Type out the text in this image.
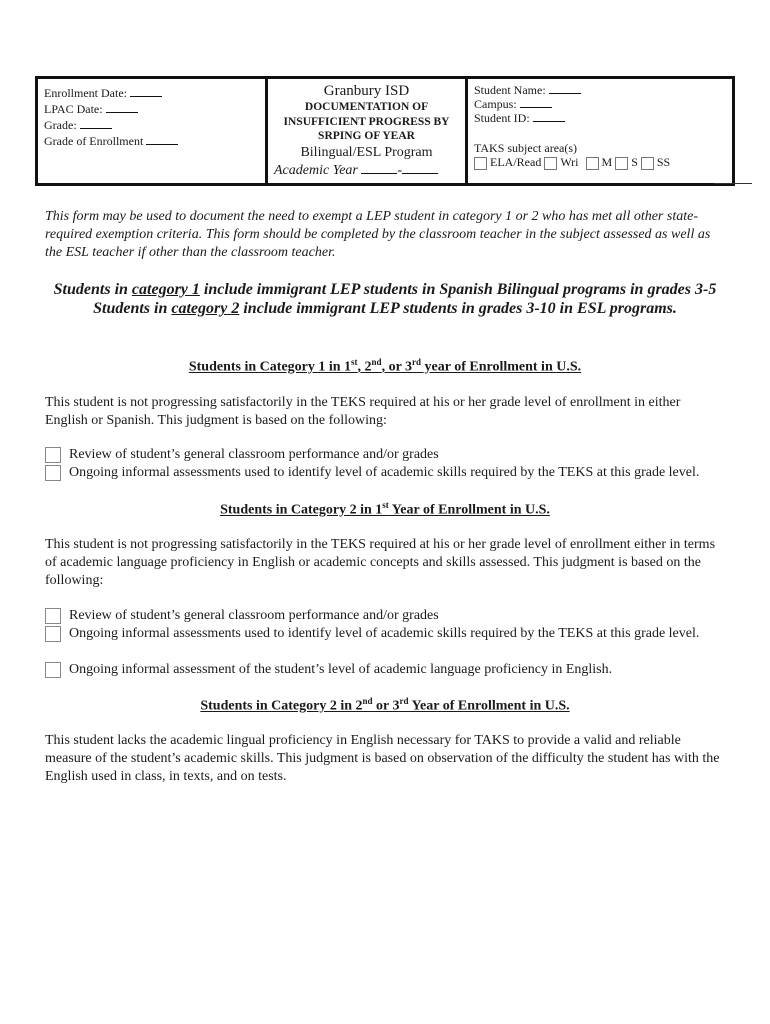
Enrollment Date:
LPAC Date:
Grade:
Grade of Enrollment
Granbury ISD
DOCUMENTATION OF INSUFFICIENT PROGRESS BY SRPING OF YEAR
Bilingual/ESL Program
Academic Year	-
Student Name:
Campus:
Student ID:
TAKS subject area(s)
ELA/Read Wri M S SS
This form may be used to document the need to exempt a LEP student in category 1 or 2 who has met all other state-required exemption criteria. This form should be completed by the classroom teacher in the subject assessed as well as the ESL teacher if other than the classroom teacher.
Students in category 1 include immigrant LEP students in Spanish Bilingual programs in grades 3-5
Students in category 2 include immigrant LEP students in grades 3-10 in ESL programs.
Students in Category 1 in 1st, 2nd, or 3rd year of Enrollment in U.S.
This student is not progressing satisfactorily in the TEKS required at his or her grade level of enrollment in either English or Spanish. This judgment is based on the following:
Review of student’s general classroom performance and/or grades
Ongoing informal assessments used to identify level of academic skills required by the TEKS at this grade level.
Students in Category 2 in 1st Year of Enrollment in U.S.
This student is not progressing satisfactorily in the TEKS required at his or her grade level of enrollment either in terms of academic language proficiency in English or academic concepts and skills assessed. This judgment is based on the following:
Review of student’s general classroom performance and/or grades
Ongoing informal assessments used to identify level of academic skills required by the TEKS at this grade level.
Ongoing informal assessment of the student’s level of academic language proficiency in English.
Students in Category 2 in 2nd or 3rd Year of Enrollment in U.S.
This student lacks the academic lingual proficiency in English necessary for TAKS to provide a valid and reliable measure of the student’s academic skills. This judgment is based on observation of the difficulty the student has with the English used in class, in texts, and on tests.
